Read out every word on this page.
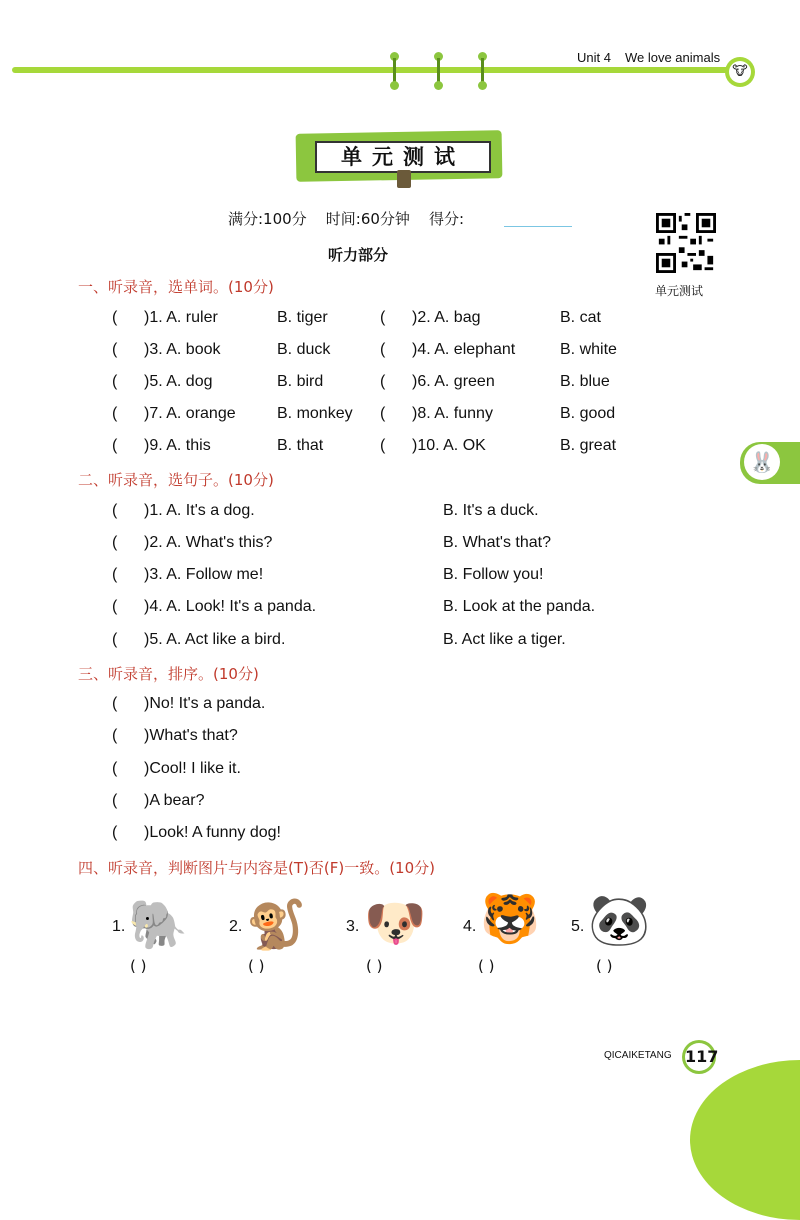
Unit 4 We love animals
🐮
单元测试
满分:100分 时间:60分钟 得分:
单元测试
听力部分
一、听录音，选单词。(10分)
( )1. A. ruler	B. tiger	( )2. A. bag	B. cat
( )3. A. book	B. duck	( )4. A. elephant	B. white
( )5. A. dog	B. bird	( )6. A. green	B. blue
( )7. A. orange	B. monkey ( )8. A. funny	B. good
( )9. A. this	B. that	( )10. A. OK	B. great
🐰
二、听录音，选句子。(10分)
( )1. A. It's a dog.	B. It's a duck.
( )2. A. What's this?	B. What's that?
( )3. A. Follow me!	B. Follow you!
( )4. A. Look! It's a panda.	B. Look at the panda.
( )5. A. Act like a bird.	B. Act like a tiger.
三、听录音，排序。(10分)
( )No! It's a panda.
( )What's that?
( )Cool! I like it.
( )A bear?
( )Look! A funny dog!
四、听录音，判断图片与内容是(T)否(F)一致。(10分)
1. 🐘
( )
2. 🐒
( )
3. 🐶
( )
4. 🐯
( )
5. 🐼
( )
QICAIKETANG 117
